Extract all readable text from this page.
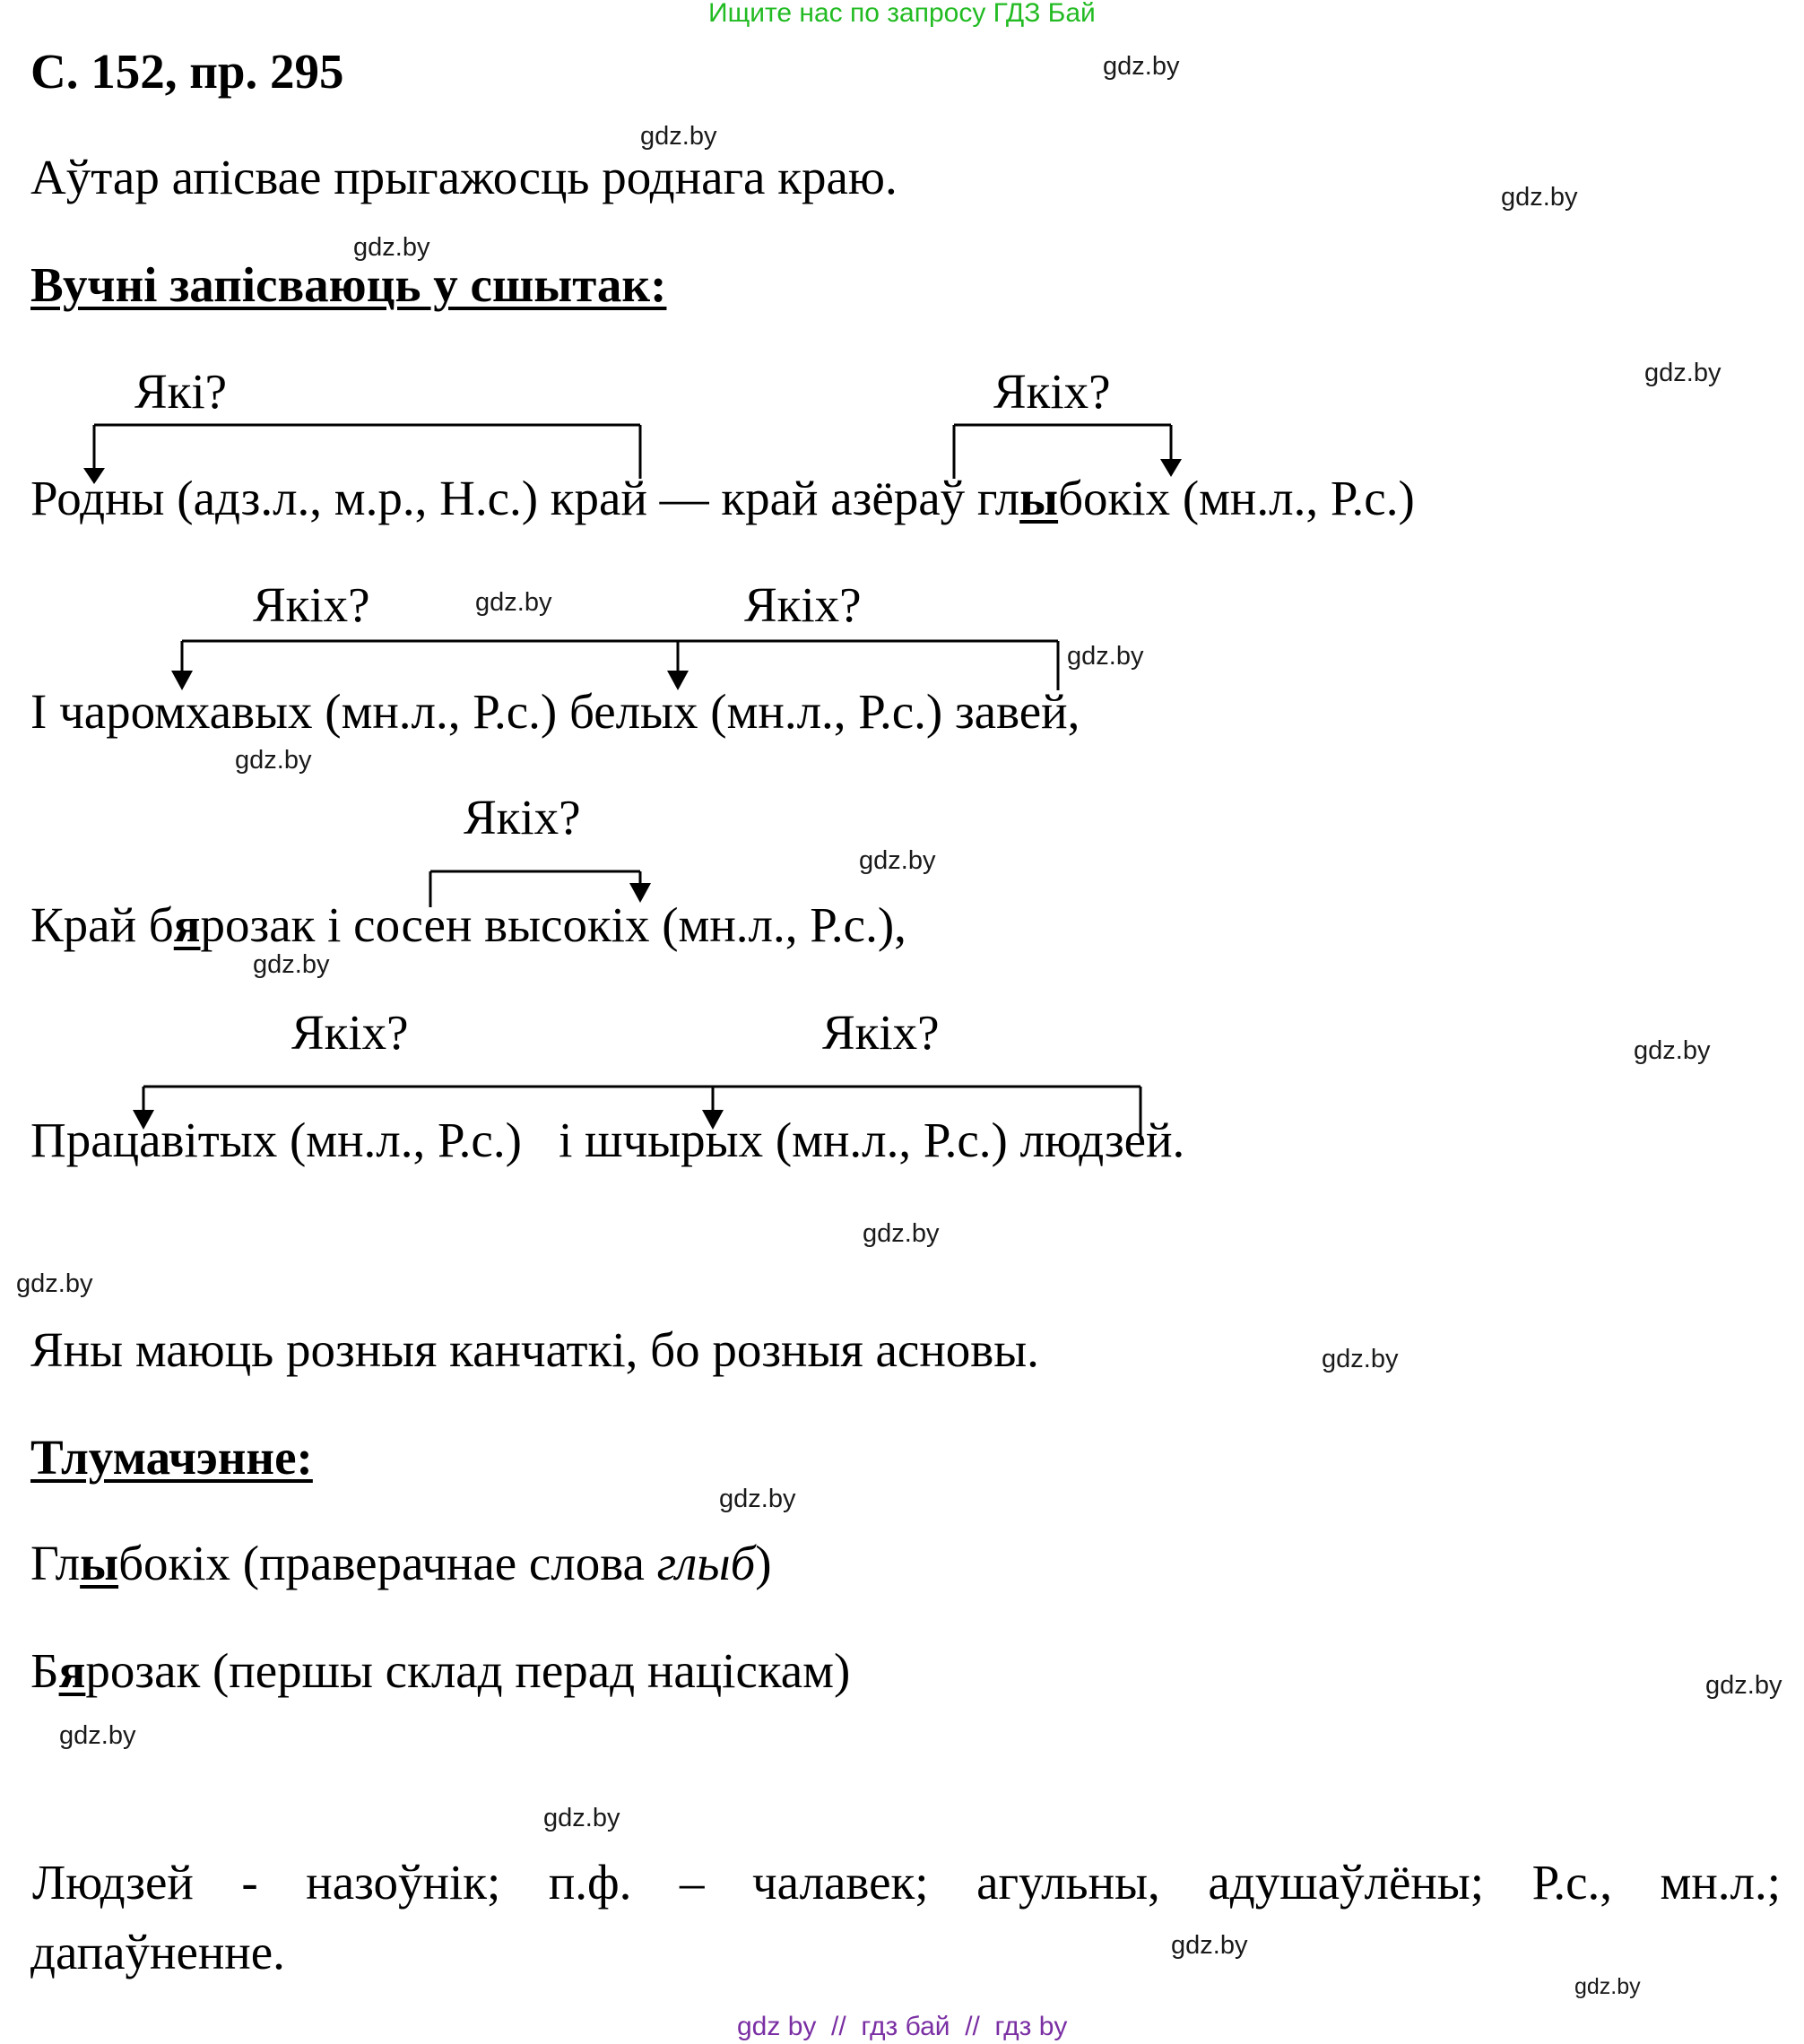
Ищите нас по запросу ГДЗ Бай
С. 152, пр. 295
Аўтар апісвае прыгажосць роднага краю.
Вучні запісваюць у сшытак:
Які?	Якіх?
Якіх?	Якіх?
Якіх?
Якіх?	Якіх?
Родны (адз.л., м.р., Н.с.) край — край азёраў глыбокіх (мн.л., Р.с.)
І чаромхавых (мн.л., Р.с.) белых (мн.л., Р.с.) завей,
Край бярозак і сосен высокіх (мн.л., Р.с.),
Працавітых (мн.л., Р.с.)   і шчырых (мн.л., Р.с.) людзей.
Яны маюць розныя канчаткі, бо розныя асновы.
Тлумачэнне:
Глыбокіх (праверачнае слова глыб)
Бярозак (першы склад перад націскам)
Людзей - назоўнік; п.ф. – чалавек; агульны, адушаўлёны; Р.с., мн.л.;
дапаўненне.
gdz.by
gdz.by
gdz.by
gdz.by
gdz.by
gdz.by
gdz.by
gdz.by
gdz.by
gdz.by
gdz.by
gdz.by
gdz.by
gdz.by
gdz.by
gdz.by
gdz.by
gdz.by
gdz.by
gdz.by
gdz by  //  гдз бай  //  гдз by
